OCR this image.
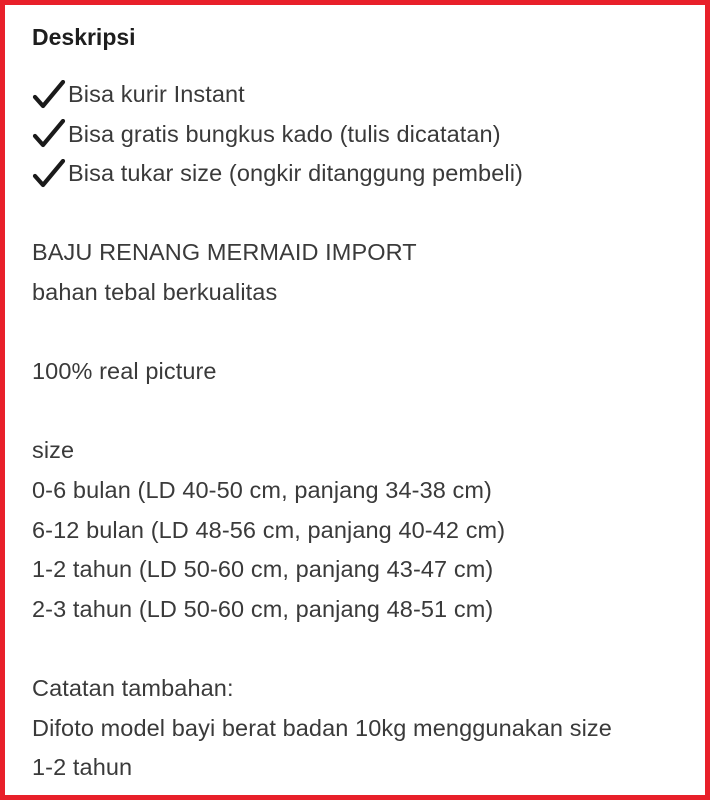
Deskripsi
Bisa kurir Instant
Bisa gratis bungkus kado (tulis dicatatan)
Bisa tukar size (ongkir ditanggung pembeli)
BAJU RENANG MERMAID IMPORT
bahan tebal berkualitas
100% real picture
size
0-6 bulan (LD 40-50 cm, panjang 34-38 cm)
6-12 bulan (LD 48-56 cm, panjang 40-42 cm)
1-2 tahun (LD 50-60 cm, panjang 43-47 cm)
2-3 tahun (LD 50-60 cm, panjang 48-51 cm)
Catatan tambahan:
Difoto model bayi berat badan 10kg menggunakan size
1-2 tahun
